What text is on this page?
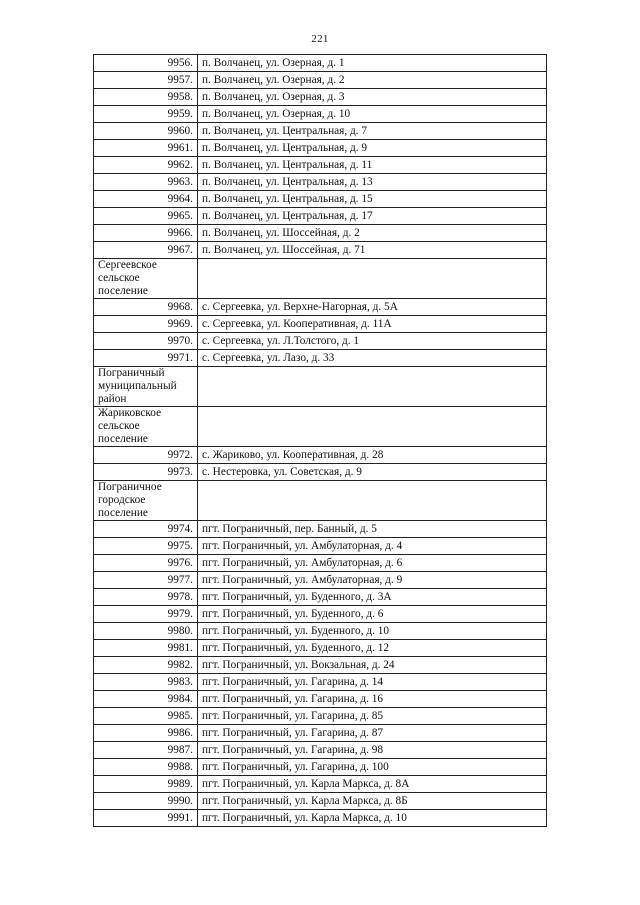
221
9956.	п. Волчанец, ул. Озерная, д. 1
9957.	п. Волчанец, ул. Озерная, д. 2
9958.	п. Волчанец, ул. Озерная, д. 3
9959.	п. Волчанец, ул. Озерная, д. 10
9960.	п. Волчанец, ул. Центральная, д. 7
9961.	п. Волчанец, ул. Центральная, д. 9
9962.	п. Волчанец, ул. Центральная, д. 11
9963.	п. Волчанец, ул. Центральная, д. 13
9964.	п. Волчанец, ул. Центральная, д. 15
9965.	п. Волчанец, ул. Центральная, д. 17
9966.	п. Волчанец, ул. Шоссейная, д. 2
9967.	п. Волчанец, ул. Шоссейная, д. 71

Сергеевское
сельское
поселение	

9968.	с. Сергеевка, ул. Верхне-Нагорная, д. 5А
9969.	с. Сергеевка, ул. Кооперативная, д. 11А
9970.	с. Сергеевка, ул. Л.Толстого, д. 1
9971.	с. Сергеевка, ул. Лазо, д. 33

Пограничный
муниципальный
район	

Жариковское
сельское
поселение	

9972.	с. Жариково, ул. Кооперативная, д. 28
9973.	с. Нестеровка, ул. Советская, д. 9

Пограничное
городское
поселение	

9974.	пгт. Пограничный, пер. Банный, д. 5
9975.	пгт. Пограничный, ул. Амбулаторная, д. 4
9976.	пгт. Пограничный, ул. Амбулаторная, д. 6
9977.	пгт. Пограничный, ул. Амбулаторная, д. 9
9978.	пгт. Пограничный, ул. Буденного, д. 3А
9979.	пгт. Пограничный, ул. Буденного, д. 6
9980.	пгт. Пограничный, ул. Буденного, д. 10
9981.	пгт. Пограничный, ул. Буденного, д. 12
9982.	пгт. Пограничный, ул. Вокзальная, д. 24
9983.	пгт. Пограничный, ул. Гагарина, д. 14
9984.	пгт. Пограничный, ул. Гагарина, д. 16
9985.	пгт. Пограничный, ул. Гагарина, д. 85
9986.	пгт. Пограничный, ул. Гагарина, д. 87
9987.	пгт. Пограничный, ул. Гагарина, д. 98
9988.	пгт. Пограничный, ул. Гагарина, д. 100
9989.	пгт. Пограничный, ул. Карла Маркса, д. 8А
9990.	пгт. Пограничный, ул. Карла Маркса, д. 8Б
9991.	пгт. Пограничный, ул. Карла Маркса, д. 10
